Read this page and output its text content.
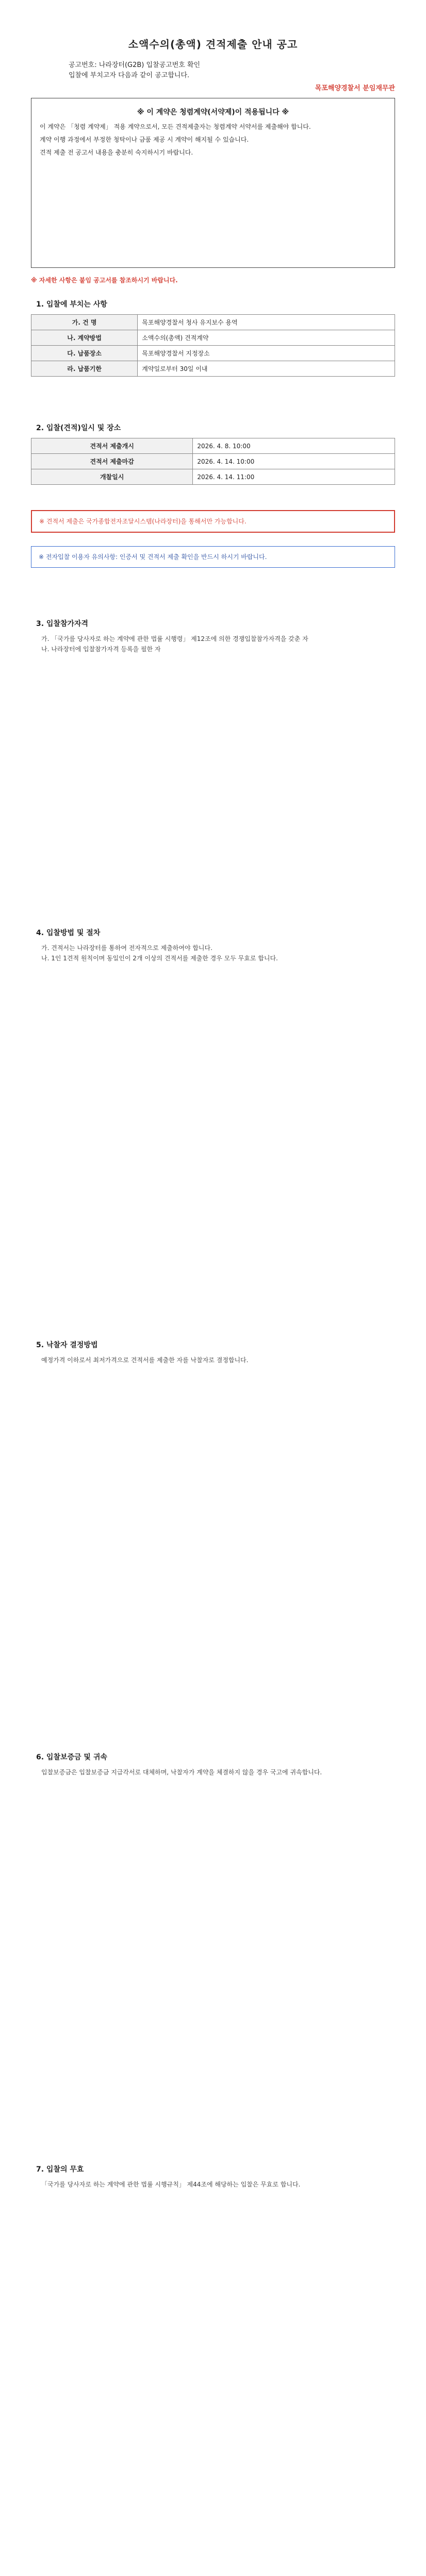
소액수의(총액) 견적제출 안내 공고
공고번호: 나라장터(G2B) 입찰공고번호 확인
입찰에 부치고자 다음과 같이 공고합니다.
목포해양경찰서 분임재무관
※ 이 계약은 청렴계약(서약제)이 적용됩니다 ※

이 계약은 「청렴 계약제」 적용 계약으로서, 모든 견적제출자는 청렴계약 서약서를 제출해야 합니다.

계약 이행 과정에서 부정한 청탁이나 금품 제공 시 계약이 해지될 수 있습니다.

견적 제출 전 공고서 내용을 충분히 숙지하시기 바랍니다.

※ 자세한 사항은 붙임 공고서를 참조하시기 바랍니다.
1. 입찰에 부치는 사항
가. 건 명	목포해양경찰서 청사 유지보수 용역
나. 계약방법	소액수의(총액) 견적계약
다. 납품장소	목포해양경찰서 지정장소
라. 납품기한	계약일로부터 30일 이내
2. 입찰(견적)일시 및 장소
견적서 제출개시	2026. 4. 8. 10:00
견적서 제출마감	2026. 4. 14. 10:00
개찰일시	2026. 4. 14. 11:00
※ 견적서 제출은 국가종합전자조달시스템(나라장터)을 통해서만 가능합니다.
※ 전자입찰 이용자 유의사항: 인증서 및 견적서 제출 확인을 반드시 하시기 바랍니다.
3. 입찰참가자격
가. 「국가를 당사자로 하는 계약에 관한 법률 시행령」 제12조에 의한 경쟁입찰참가자격을 갖춘 자
나. 나라장터에 입찰참가자격 등록을 필한 자
4. 입찰방법 및 절차
가. 견적서는 나라장터를 통하여 전자적으로 제출하여야 합니다.
나. 1인 1견적 원칙이며 동일인이 2개 이상의 견적서를 제출한 경우 모두 무효로 합니다.
5. 낙찰자 결정방법
예정가격 이하로서 최저가격으로 견적서를 제출한 자를 낙찰자로 결정합니다.
6. 입찰보증금 및 귀속
입찰보증금은 입찰보증금 지급각서로 대체하며, 낙찰자가 계약을 체결하지 않을 경우 국고에 귀속합니다.
7. 입찰의 무효
「국가를 당사자로 하는 계약에 관한 법률 시행규칙」 제44조에 해당하는 입찰은 무효로 합니다.
